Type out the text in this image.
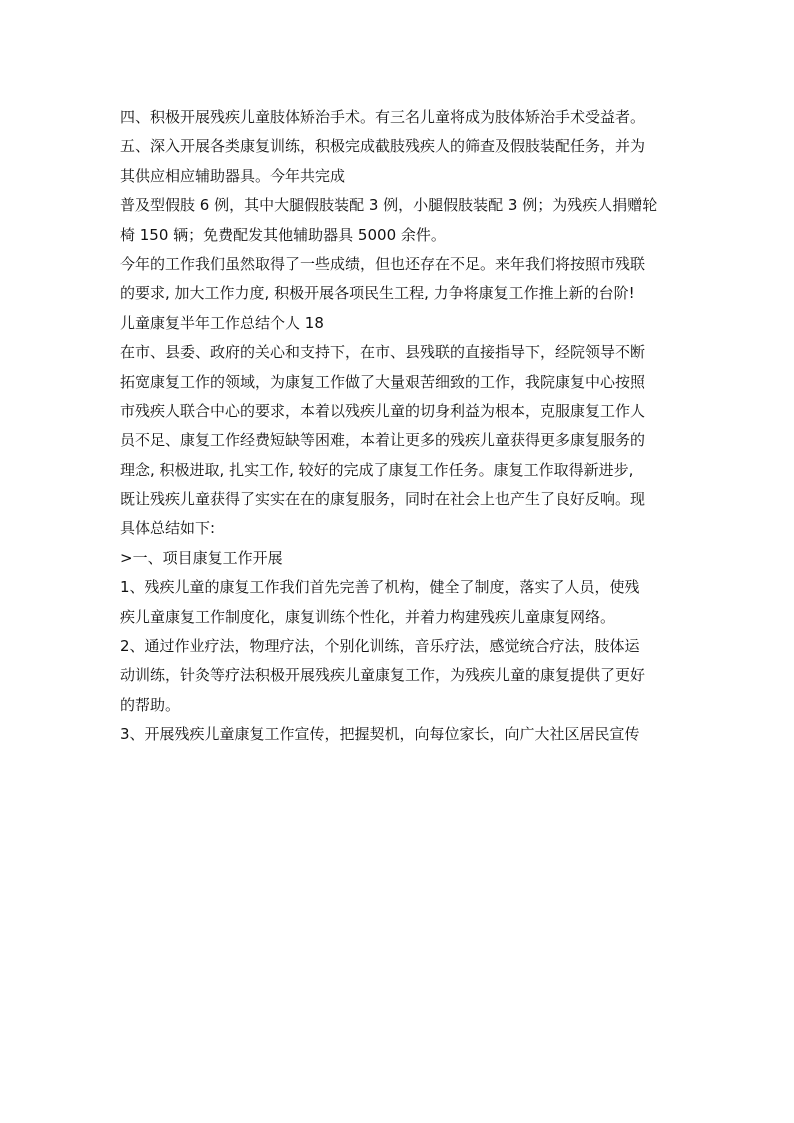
四、积极开展残疾儿童肢体矫治手术。有三名儿童将成为肢体矫治手术受益者。
五、深入开展各类康复训练，积极完成截肢残疾人的筛查及假肢装配任务，并为
其供应相应辅助器具。今年共完成
普及型假肢 6 例，其中大腿假肢装配 3 例，小腿假肢装配 3 例；为残疾人捐赠轮
椅 150 辆；免费配发其他辅助器具 5000 余件。
今年的工作我们虽然取得了一些成绩，但也还存在不足。来年我们将按照市残联
的要求, 加大工作力度, 积极开展各项民生工程, 力争将康复工作推上新的台阶!
儿童康复半年工作总结个人 18
在市、县委、政府的关心和支持下，在市、县残联的直接指导下，经院领导不断
拓宽康复工作的领域，为康复工作做了大量艰苦细致的工作，我院康复中心按照
市残疾人联合中心的要求，本着以残疾儿童的切身利益为根本，克服康复工作人
员不足、康复工作经费短缺等困难，本着让更多的残疾儿童获得更多康复服务的
理念, 积极进取, 扎实工作, 较好的完成了康复工作任务。康复工作取得新进步,
既让残疾儿童获得了实实在在的康复服务，同时在社会上也产生了良好反响。现
具体总结如下:
>一、项目康复工作开展
1、残疾儿童的康复工作我们首先完善了机构，健全了制度，落实了人员，使残
疾儿童康复工作制度化，康复训练个性化，并着力构建残疾儿童康复网络。
2、通过作业疗法，物理疗法，个别化训练，音乐疗法，感觉统合疗法，肢体运
动训练，针灸等疗法积极开展残疾儿童康复工作，为残疾儿童的康复提供了更好
的帮助。
3、开展残疾儿童康复工作宣传，把握契机，向每位家长，向广大社区居民宣传
